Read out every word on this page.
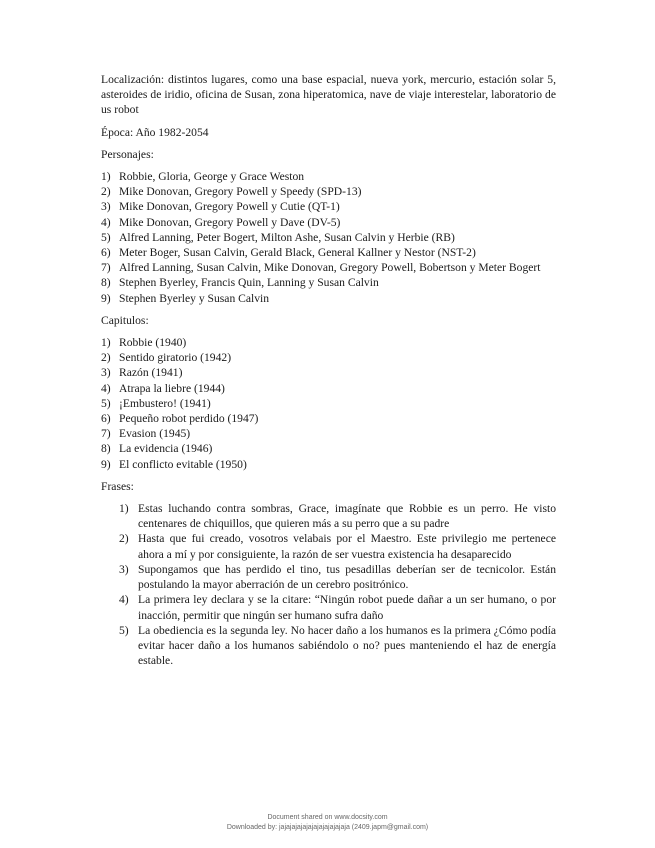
Localización: distintos lugares, como una base espacial, nueva york, mercurio, estación solar 5, asteroides de iridio, oficina de Susan, zona hiperatomica, nave de viaje interestelar, laboratorio de us robot

Época: Año 1982-2054

Personajes:

1) Robbie, Gloria, George y Grace Weston
2) Mike Donovan, Gregory Powell y Speedy (SPD-13)
3) Mike Donovan, Gregory Powell y Cutie (QT-1)
4) Mike Donovan, Gregory Powell y Dave (DV-5)
5) Alfred Lanning, Peter Bogert, Milton Ashe, Susan Calvin y Herbie (RB)
6) Meter Boger, Susan Calvin, Gerald Black, General Kallner y Nestor (NST-2)
7) Alfred Lanning, Susan Calvin, Mike Donovan, Gregory Powell, Bobertson y Meter Bogert
8) Stephen Byerley, Francis Quin, Lanning y Susan Calvin
9) Stephen Byerley y Susan Calvin

Capitulos:

1) Robbie (1940)
2) Sentido giratorio (1942)
3) Razón (1941)
4) Atrapa la liebre (1944)
5) ¡Embustero! (1941)
6) Pequeño robot perdido (1947)
7) Evasion (1945)
8) La evidencia (1946)
9) El conflicto evitable (1950)

Frases:

1) Estas luchando contra sombras, Grace, imagínate que Robbie es un perro. He visto centenares de chiquillos, que quieren más a su perro que a su padre
2) Hasta que fui creado, vosotros velabais por el Maestro. Este privilegio me pertenece ahora a mí y por consiguiente, la razón de ser vuestra existencia ha desaparecido
3) Supongamos que has perdido el tino, tus pesadillas deberían ser de tecnicolor. Están postulando la mayor aberración de un cerebro positrónico.
4) La primera ley declara y se la citare: “Ningún robot puede dañar a un ser humano, o por inacción, permitir que ningún ser humano sufra daño
5) La obediencia es la segunda ley. No hacer daño a los humanos es la primera ¿Cómo podía evitar hacer daño a los humanos sabiéndolo o no? pues manteniendo el haz de energía estable.
Document shared on www.docsity.com
Downloaded by: jajajajajajajajajajajajaja (2409.japm@gmail.com)
